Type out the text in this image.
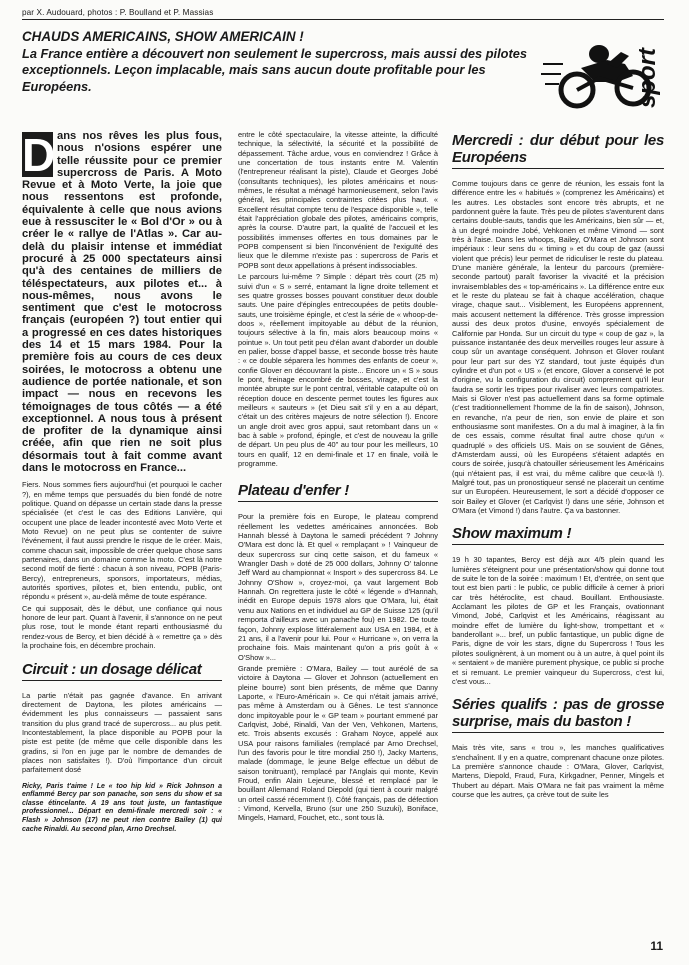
par X. Audouard, photos : P. Boulland et P. Massias
CHAUDS AMERICAINS, SHOW AMERICAIN !
La France entière a découvert non seulement le supercross, mais aussi des pilotes exceptionnels. Leçon implacable, mais sans aucun doute profitable pour les Européens.	sport
D ans nos rêves les plus fous, nous n'osions espérer une telle réussite pour ce premier supercross de Paris. A Moto Revue et à Moto Verte, la joie que nous ressentons est profonde, équivalente à celle que nous avions eue à ressusciter le « Bol d'Or » ou à créer le « rallye de l'Atlas ». Car au-delà du plaisir intense et immédiat procuré à 25 000 spectateurs ainsi qu'à des centaines de milliers de téléspectateurs, aux pilotes et... à nous-mêmes, nous avons le sentiment que c'est le motocross français (européen ?) tout entier qui a progressé en ces dates historiques des 14 et 15 mars 1984. Pour la première fois au cours de ces deux soirées, le motocross a obtenu une audience de portée nationale, et son impact — nous en recevons les témoignages de tous côtés — a été exceptionnel. A nous tous à présent de profiter de la dynamique ainsi créée, afin que rien ne soit plus désormais tout à fait comme avant dans le motocross en France...

Fiers. Nous sommes fiers aujourd'hui (et pourquoi le cacher ?), en même temps que persuadés du bien fondé de notre politique. Quand on dépasse un certain stade dans la presse spécialisée (et c'est le cas des Editions Lanvière, qui occupent une place de leader incontesté avec Moto Verte et Moto Revue) on ne peut plus se contenter de suivre l'événement, il faut aussi prendre le risque de le créer. Mais, comme chacun sait, impossible de créer quelque chose sans partenaires, dans un domaine comme la moto. C'est là notre second motif de fierté : chacun à son niveau, POPB (Paris-Bercy), entrepreneurs, sponsors, importateurs, médias, autorités sportives, pilotes et, bien entendu, public, ont répondu « présent », au-delà même de toute espérance.

Ce qui supposait, dès le début, une confiance qui nous honore de leur part. Quant à l'avenir, il s'annonce on ne peut plus rose, tout le monde étant reparti enthousiasmé du rendez-vous de Bercy, et bien décidé à « remettre ça » dès la prochaine fois, en décembre prochain.

Circuit : un dosage délicat

La partie n'était pas gagnée d'avance. En arrivant directement de Daytona, les pilotes américains — évidemment les plus connaisseurs — passaient sans transition du plus grand tracé de supercross... au plus petit. Incontestablement, la place disponible au POPB pour la piste est petite (de même que celle disponible dans les gradins, si l'on en juge par le nombre de demandes de places non satisfaites !). D'où l'importance d'un circuit parfaitement dosé

Ricky, Paris t'aime ! Le « too hip kid » Rick Johnson a enflammé Bercy par son panache, son sens du show et sa classe étincelante. A 19 ans tout juste, un fantastique professionnel... Départ en demi-finale mercredi soir : « Flash » Johnson (17) ne peut rien contre Bailey (1) qui cache Rinaldi. Au second plan, Arno Drechsel.

entre le côté spectaculaire, la vitesse atteinte, la difficulté technique, la sélectivité, la sécurité et la possibilité de dépassement. Tâche ardue, vous en conviendrez ! Grâce à une concertation de tous instants entre M. Valentin (l'entrepreneur réalisant la piste), Claude et Georges Jobé (consultants techniques), les pilotes américains et nous-mêmes, le résultat a ménagé harmonieusement, selon l'avis général, les principales contraintes citées plus haut. « Excellent résultat compte tenu de l'espace disponible », telle était l'appréciation globale des pilotes, américains compris, après la course. D'autre part, la qualité de l'accueil et les possibilités immenses offertes en tous domaines par le POPB compensent si bien l'inconvénient de l'exiguïté des lieux que le dilemme n'existe pas : supercross de Paris et POPB sont deux appellations à présent indissociables.

Le parcours lui-même ? Simple : départ très court (25 m) suivi d'un « S » serré, entamant la ligne droite tellement et ses quatre grosses bosses pouvant constituer deux double sauts. Une paire d'épingles entrecoupées de petits double-sauts, une troisième épingle, et c'est la série de « whoop-de-doos », réellement impitoyable au début de la réunion, toujours sélective à la fin, mais alors beaucoup moins « pointue ». Un tout petit peu d'élan avant d'aborder un double en palier, bosse d'appel basse, et seconde bosse très haute : « ce double séparera les hommes des enfants de coeur », confie Glover en découvrant la piste... Encore un « S » sous le pont, freinage encombré de bosses, virage, et c'est la montée abrupte sur le pont central, véritable catapulte où on réception douce en descente permet toutes les figures aux meilleurs « sauteurs » (et Dieu sait s'il y en a au départ, c'était un des critères majeurs de notre sélection !). Encore un angle droit avec gros appui, saut retombant dans un « bac à sable » profond, épingle, et c'est de nouveau la grille de départ. Un peu plus de 40" au tour pour les meilleurs, 10 tours en qualif, 12 en demi-finale et 17 en finale, voilà le programme.

Plateau d'enfer !

Pour la première fois en Europe, le plateau comprend réellement les vedettes américaines annoncées. Bob Hannah blessé à Daytona le samedi précédent ? Johnny O'Mara est donc là. Et quel « remplaçant » ! Vainqueur de deux supercross sur cinq cette saison, et du fameux « Wrangler Dash » doté de 25 000 dollars, Johnny O' talonne Jeff Ward au championnat « Insport » des supercross 84. Le Johnny O'Show », croyez-moi, ça vaut largement Bob Hannah. On regrettera juste le côté « légende » d'Hannah, inédit en Europe depuis 1978 alors que O'Mara, lui, était venu aux Nations en et individuel au GP de Suisse 125 (qu'il remporta d'ailleurs avec un panache fou) en 1982. De toute façon, Johnny explose littéralement aux USA en 1984, et à 21 ans, il a l'avenir pour lui. Pour « Hurricane », on verra la prochaine fois. Mais maintenant qu'on a pris goût à « O'Show »...

Grande première : O'Mara, Bailey — tout auréolé de sa victoire à Daytona — Glover et Johnson (actuellement en pleine bourre) sont bien présents, de même que Danny Laporte, « l'Euro-Américain ». Ce qui n'était jamais arrivé, pas même à Amsterdam ou à Gênes. Le test s'annonce donc impitoyable pour le « GP team » pourtant emmené par Carlqvist, Jobé, Rinaldi, Van der Ven, Vehkonen, Martens, etc. Trois absents excusés : Graham Noyce, appelé aux USA pour raisons familiales (remplacé par Arno Drechsel, l'un des favoris pour le titre mondial 250 !), Jacky Martens, malade (dommage, le jeune Belge effectue un début de saison tonitruant), remplacé par l'Anglais qui monte, Kevin Froud, enfin Alain Lejeune, blessé et remplacé par le bouillant Allemand Roland Diepold (qui tient à courir malgré un orteil cassé récemment !). Côté français, pas de défection : Vimond, Kervella, Bruno (sur une 250 Suzuki), Boniface, Mingels, Hamard, Fouchet, etc., sont tous là.

Mercredi : dur début pour les Européens

Comme toujours dans ce genre de réunion, les essais font la différence entre les « habitués » (comprenez les Américains) et les autres. Les obstacles sont encore très abrupts, et ne pardonnent guère la faute. Très peu de pilotes s'aventurent dans certains double-sauts, tandis que les Américains, bien sûr — et, à un degré moindre Jobé, Vehkonen et même Vimond — sont très à l'aise. Dans les whoops, Bailey, O'Mara et Johnson sont impériaux : leur sens du « timing » et du coup de gaz (aussi violent que précis) leur permet de ridiculiser le reste du plateau. D'une manière générale, la lenteur du parcours (première-seconde partout) paraît favoriser la vivacité et la précision invraisemblables des « top-américains ». La différence entre eux et le reste du plateau se fait à chaque accélération, chaque virage, chaque saut... Visiblement, les Européens apprennent, mais accusent nettement la différence. Très grosse impression aussi des deux protos d'usine, envoyés spécialement de Californie par Honda. Sur un circuit du type « coup de gaz », la puissance instantanée des deux merveilles rouges leur assure à coup sûr un avantage conséquent. Johnson et Glover roulant pour leur part sur des YZ standard, tout juste équipés d'un cylindre et d'un pot « US » (et encore, Glover a conservé le pot d'origine, vu la configuration du circuit) comprennent qu'il leur faudra se sortir les tripes pour rivaliser avec leurs compatriotes. Mais si Glover n'est pas actuellement dans sa forme optimale (c'est traditionnellement l'homme de la fin de saison), Johnson, en revanche, n'a peur de rien, son envie de plaire et son enthousiasme sont manifestes. On a du mal à imaginer, à la fin de ces essais, comme résultat final autre chose qu'un « quadruplé » des officiels US. Mais on se souvient de Gênes, d'Amsterdam aussi, où les Européens s'étaient adaptés en cours de soirée, jusqu'à chatouiller sérieusement les Américains (qui n'étaient pas, il est vrai, du même calibre que ceux-là !). Malgré tout, pas un pronostiqueur sensé ne placerait un centime sur un Européen. Heureusement, le sort a décidé d'opposer ce soir Bailey et Glover (et Carlqvist !) dans une série, Johnson et O'Mara (et Vimond !) dans l'autre. Ça va bastonner.

Show maximum !

19 h 30 tapantes, Bercy est déjà aux 4/5 plein quand les lumières s'éteignent pour une présentation/show qui donne tout de suite le ton de la soirée : maximum ! Et, d'entrée, on sent que tout est bien parti : le public, ce public difficile à cerner à priori car très hétéroclite, est chaud. Bouillant. Enthousiaste. Acclamant les pilotes de GP et les Français, ovationnant Vimond, Jobé, Carlqvist et les Américains, réagissant au moindre effet de lumière du light-show, trompettant et « banderollant »... bref, un public fantastique, un public digne de Paris, digne de voir les stars, digne du Supercross ! Tous les pilotes soulignèrent, à un moment ou à un autre, à quel point ils « sentaient » de manière purement physique, ce public si proche et si remuant. Le premier vainqueur du Supercross, c'est lui, c'est vous...

Séries qualifs : pas de grosse surprise, mais du baston !

Mais très vite, sans « trou », les manches qualificatives s'enchaînent. Il y en a quatre, comprenant chacune onze pilotes. La première s'annonce chaude : O'Mara, Glover, Carlqvist, Martens, Diepold, Fraud, Fura, Kirkgadner, Penner, Mingels et Thubert au départ. Mais O'Mara ne fait pas vraiment la même course que les autres, ça crève tout de suite les

11
